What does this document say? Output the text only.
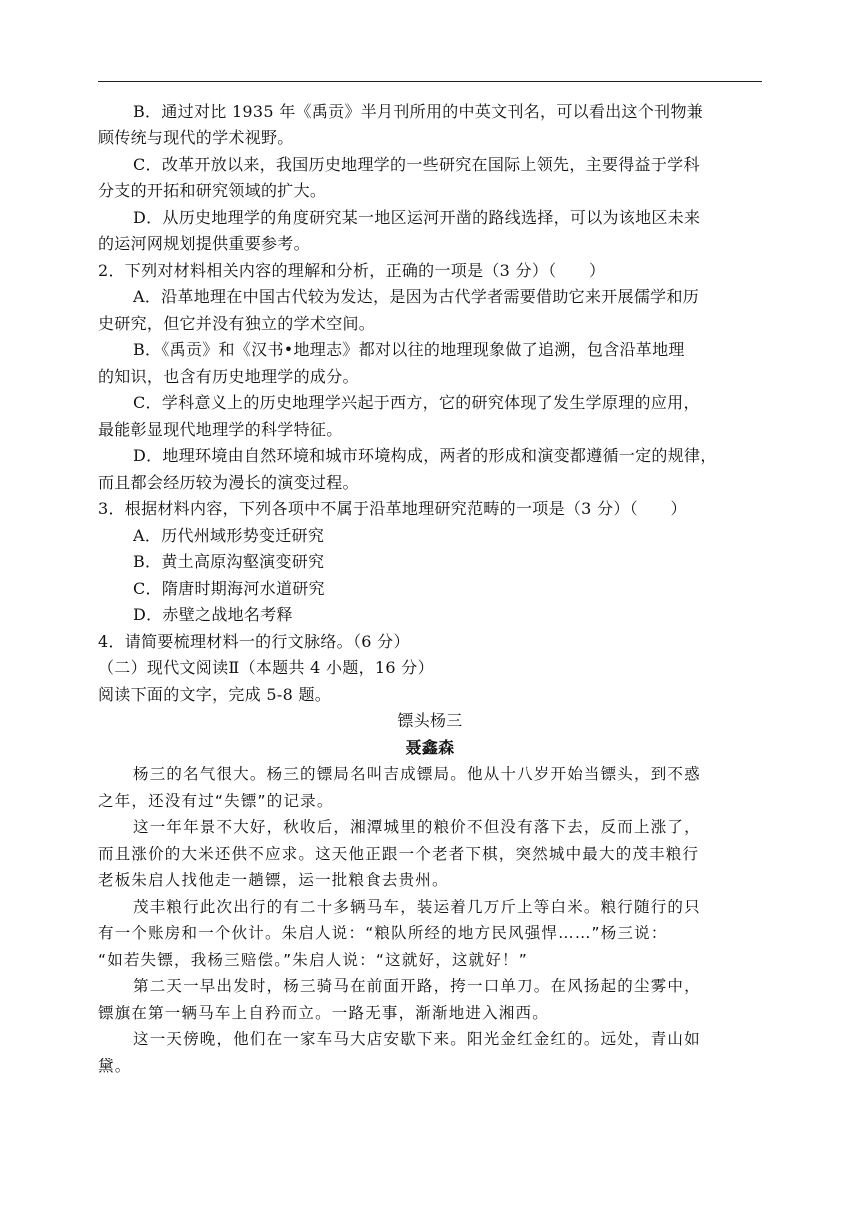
B．通过对比 1935 年《禹贡》半月刊所用的中英文刊名，可以看出这个刊物兼
顾传统与现代的学术视野。
C．改革开放以来，我国历史地理学的一些研究在国际上领先，主要得益于学科
分支的开拓和研究领域的扩大。
D．从历史地理学的角度研究某一地区运河开凿的路线选择，可以为该地区未来
的运河网规划提供重要参考。
2．下列对材料相关内容的理解和分析，正确的一项是（3 分）（　　）
A．沿革地理在中国古代较为发达，是因为古代学者需要借助它来开展儒学和历
史研究，但它并没有独立的学术空间。
B．《禹贡》和《汉书•地理志》都对以往的地理现象做了追溯，包含沿革地理
的知识，也含有历史地理学的成分。
C．学科意义上的历史地理学兴起于西方，它的研究体现了发生学原理的应用，
最能彰显现代地理学的科学特征。
D．地理环境由自然环境和城市环境构成，两者的形成和演变都遵循一定的规律，
而且都会经历较为漫长的演变过程。
3．根据材料内容，下列各项中不属于沿革地理研究范畴的一项是（3 分）（　　）
A．历代州域形势变迁研究
B．黄土高原沟壑演变研究
C．隋唐时期海河水道研究
D．赤壁之战地名考释
4．请简要梳理材料一的行文脉络。（6 分）
（二）现代文阅读Ⅱ（本题共 4 小题，16 分）
阅读下面的文字，完成 5-8 题。
镖头杨三
聂鑫森
杨三的名气很大。杨三的镖局名叫吉成镖局。他从十八岁开始当镖头，到不惑
之年，还没有过“失镖”的记录。
这一年年景不大好，秋收后，湘潭城里的粮价不但没有落下去，反而上涨了，
而且涨价的大米还供不应求。这天他正跟一个老者下棋，突然城中最大的茂丰粮行
老板朱启人找他走一趟镖，运一批粮食去贵州。
茂丰粮行此次出行的有二十多辆马车，装运着几万斤上等白米。粮行随行的只
有一个账房和一个伙计。朱启人说：“粮队所经的地方民风强悍……”杨三说：
“如若失镖，我杨三赔偿。”朱启人说：“这就好，这就好！”
第二天一早出发时，杨三骑马在前面开路，挎一口单刀。在风扬起的尘雾中，
镖旗在第一辆马车上自矜而立。一路无事，渐渐地进入湘西。
这一天傍晚，他们在一家车马大店安歇下来。阳光金红金红的。远处，青山如
黛。
